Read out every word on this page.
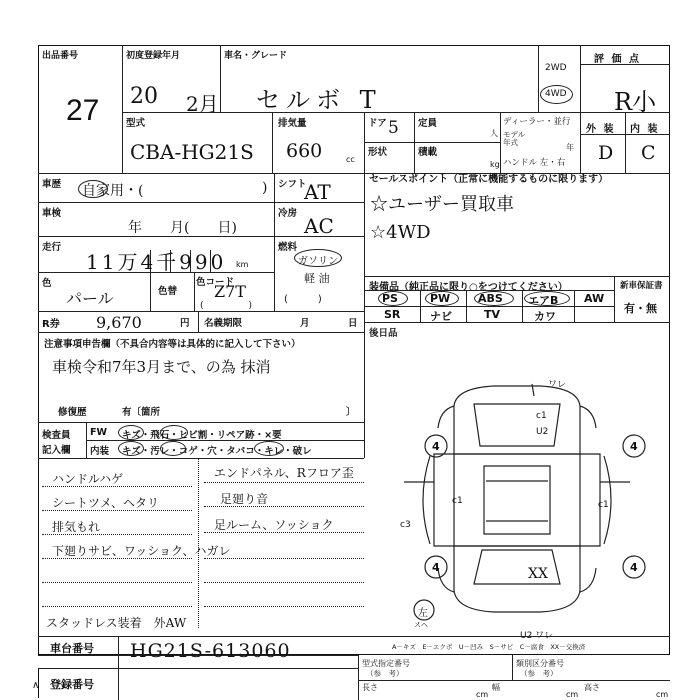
出品番号
27
初度登録年月
20 2月
車名・グレード
セルボ T
2WD
4WD
評 価 点
R小
型式
CBA-HG21S
排気量
660	cc
ドア 5 定員
人
形状	積載
kg
ディーラー・並行
モデル年式
年
ハンドル 左・右
外 装 内 装
D C
車歴 自家用・(	)
車検
年　　月(　　日)
走行
11万4千990 km
色
パール	色替
色コード
Z7T
(　　　　　)
シフト
AT
冷房
AC
燃料
ガソリン
軽 油
(　　　)
セールスポイント（正常に機能するものに限ります）
☆ユーザー買取車
☆4WD
装備品（純正品に限り○をつけてください）	新車保証書
有・無
PS	PW	ABS エアB AW
SR	ナビ	TV	カワ
後日品
R券 9,670	円 名義期限	月	日
注意事項申告欄（不具合内容等は具体的に記入して下さい）
車検令和7年3月まで、の為 抹消
修復歴	有〔箇所	〕
検査員
記入欄
FW キズ・飛石・ヒビ割・リペア跡・×要
内装 キズ・汚レ・コゲ・穴・タバコ・キレ・破レ
ハンドルハゲ
シートツメ、ヘタリ
排気もれ
下廻りサビ、ワッショク、ハガレ
エンドパネル、Rフロア歪
足廻り音
足ルーム、ソッショク
スタッドレス装着　外AW
ワレ
c1
U2
c1
c3
c1
XX
U2 ワレ
左
スヘ
4	4
4	4
A－キズ　E－エクボ　U－凹み　S－サビ　C－腐食　XX－交換済
車台番号 HG21S-613060
登録番号
∧
型式指定番号
（参　考）
類別区分番号
（参　考）
長さ
cm
幅
cm
高さ
cm
